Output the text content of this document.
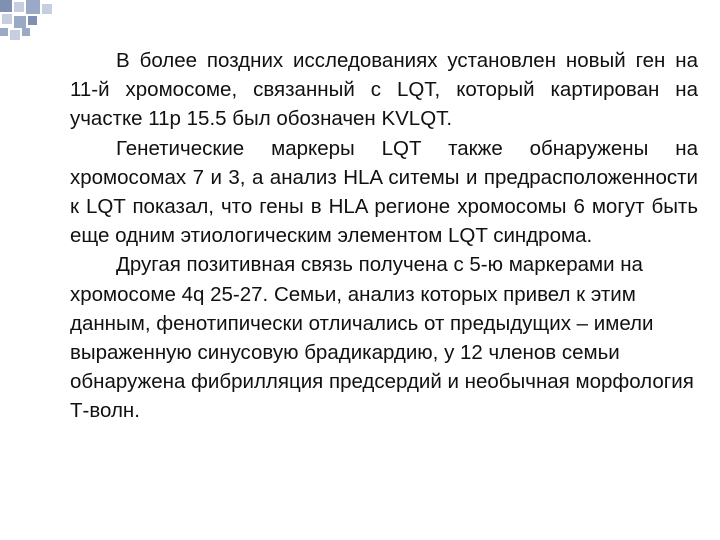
В более поздних исследованиях установлен новый ген на 11-й хромосоме, связанный с LQT, который картирован на участке 11p 15.5 был обозначен KVLQT.

Генетические маркеры LQT также обнаружены на хромосомах 7 и 3, а анализ HLA ситемы и предрасположенности к LQT показал, что гены в HLA регионе хромосомы 6 могут быть еще одним этиологическим элементом LQT синдрома.

Другая позитивная связь получена с 5-ю маркерами на хромосоме 4q 25-27. Семьи, анализ которых привел к этим данным, фенотипически отличались от предыдущих – имели выраженную синусовую брадикардию, у 12 членов семьи обнаружена фибрилляция предсердий и необычная морфология Т-волн.
